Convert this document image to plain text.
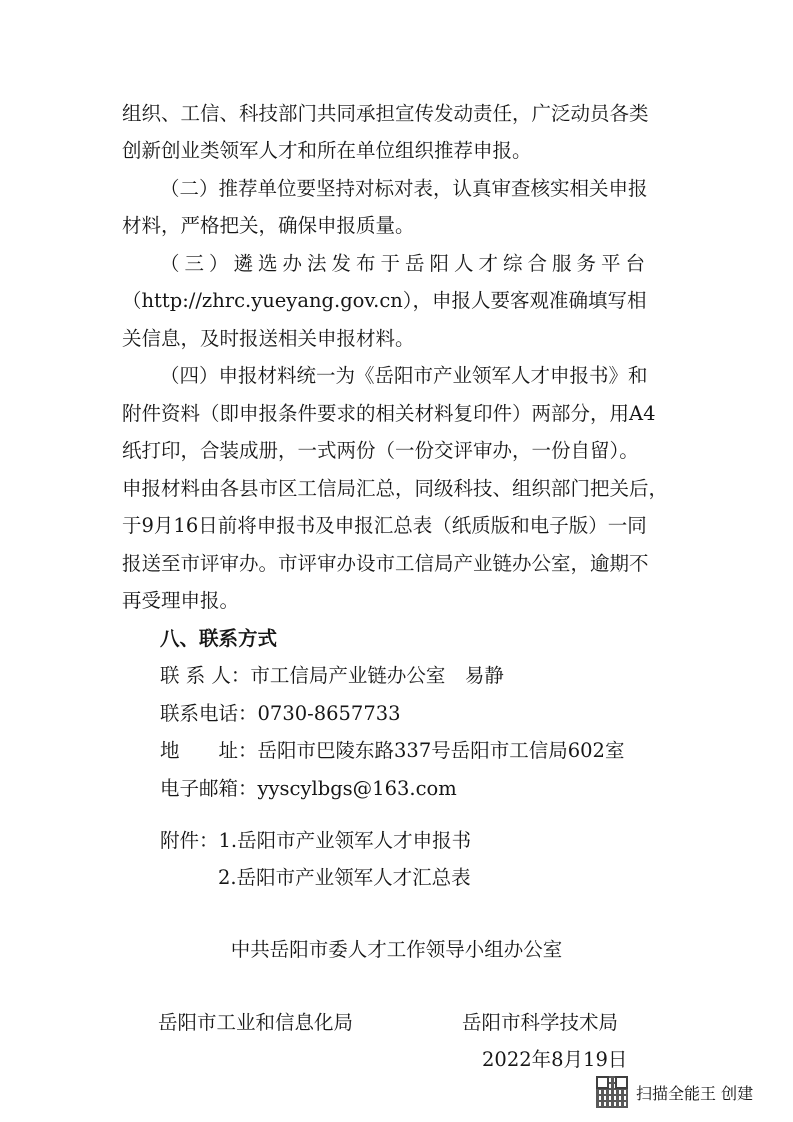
组织、工信、科技部门共同承担宣传发动责任，广泛动员各类
创新创业类领军人才和所在单位组织推荐申报。
（二）推荐单位要坚持对标对表，认真审查核实相关申报
材料，严格把关，确保申报质量。
（三）遴选办法发布于岳阳人才综合服务平台
（http://zhrc.yueyang.gov.cn），申报人要客观准确填写相
关信息，及时报送相关申报材料。
（四）申报材料统一为《岳阳市产业领军人才申报书》和
附件资料（即申报条件要求的相关材料复印件）两部分，用A4
纸打印，合装成册，一式两份（一份交评审办，一份自留）。
申报材料由各县市区工信局汇总，同级科技、组织部门把关后，
于9月16日前将申报书及申报汇总表（纸质版和电子版）一同
报送至市评审办。市评审办设市工信局产业链办公室，逾期不
再受理申报。
八、联系方式
联 系 人：市工信局产业链办公室　易静
联系电话：0730-8657733
地　　址：岳阳市巴陵东路337号岳阳市工信局602室
电子邮箱：yyscylbgs@163.com
附件：1.岳阳市产业领军人才申报书
2.岳阳市产业领军人才汇总表
中共岳阳市委人才工作领导小组办公室
岳阳市工业和信息化局	岳阳市科学技术局
2022年8月19日
扫描全能王 创建
